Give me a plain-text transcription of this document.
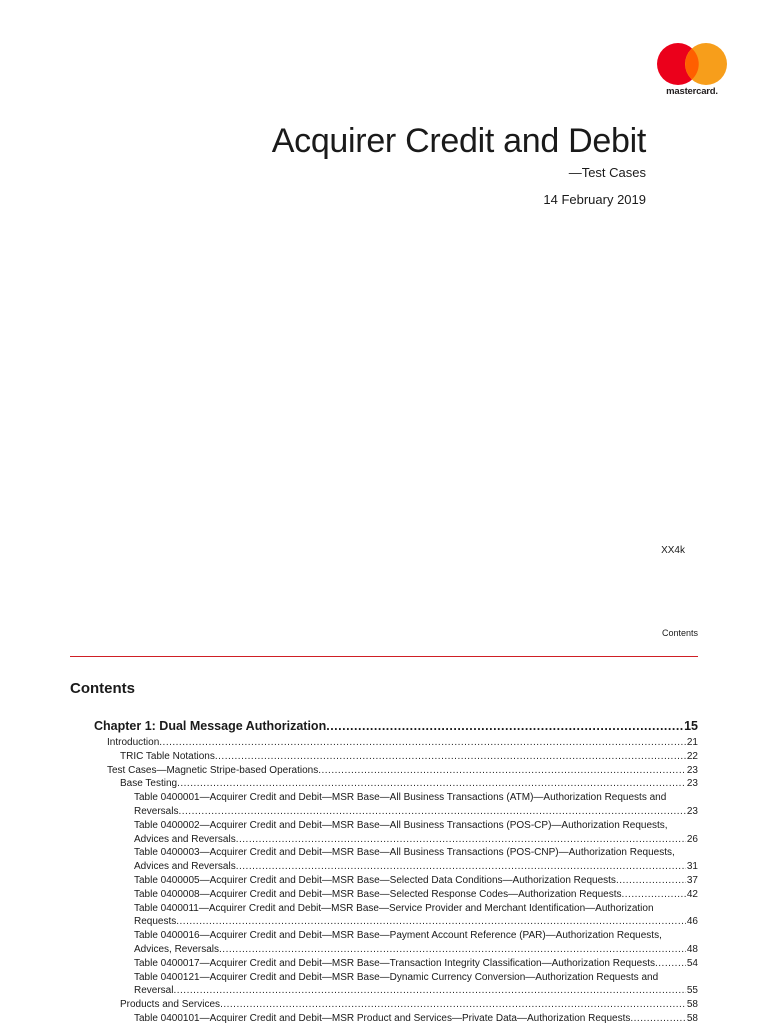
mastercard.
Acquirer Credit and Debit
—Test Cases
14 February 2019
XX4k
Contents
Contents
Chapter 1: Dual Message Authorization .....	15
Introduction .....	21
TRIC Table Notations .....	22
Test Cases—Magnetic Stripe-based Operations .....	23
Base Testing .....	23
Table 0400001—Acquirer Credit and Debit—MSR Base—All Business Transactions (ATM)—Authorization Requests and
Reversals .....	23
Table 0400002—Acquirer Credit and Debit—MSR Base—All Business Transactions (POS-CP)—Authorization Requests,
Advices and Reversals .....	26
Table 0400003—Acquirer Credit and Debit—MSR Base—All Business Transactions (POS-CNP)—Authorization Requests,
Advices and Reversals .....	31
Table 0400005—Acquirer Credit and Debit—MSR Base—Selected Data Conditions—Authorization Requests .....	37
Table 0400008—Acquirer Credit and Debit—MSR Base—Selected Response Codes—Authorization Requests .....	42
Table 0400011—Acquirer Credit and Debit—MSR Base—Service Provider and Merchant Identification—Authorization
Requests .....	46
Table 0400016—Acquirer Credit and Debit—MSR Base—Payment Account Reference (PAR)—Authorization Requests,
Advices, Reversals .....	48
Table 0400017—Acquirer Credit and Debit—MSR Base—Transaction Integrity Classification—Authorization Requests .....	54
Table 0400121—Acquirer Credit and Debit—MSR Base—Dynamic Currency Conversion—Authorization Requests and
Reversal .....	55
Products and Services .....	58
Table 0400101—Acquirer Credit and Debit—MSR Product and Services—Private Data—Authorization Requests .....	58
